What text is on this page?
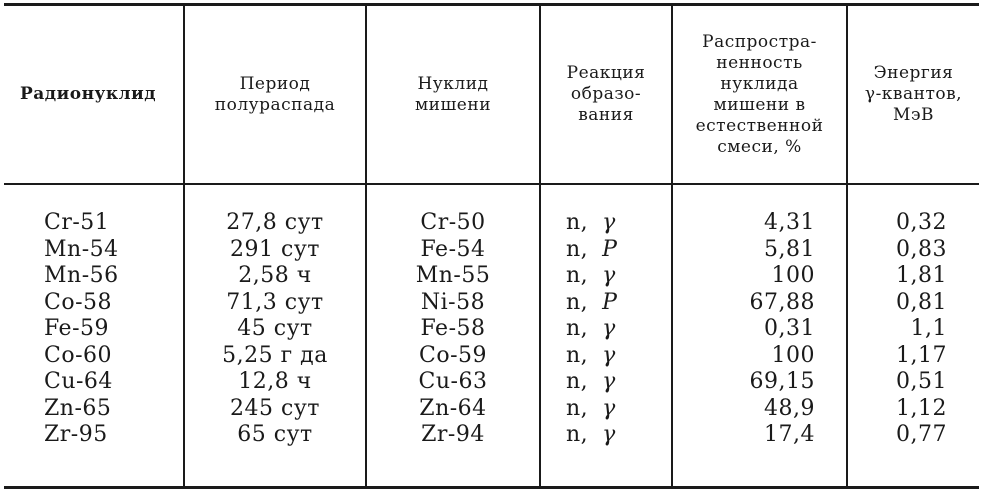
Радионуклид
Период
полураспада
Нуклид
мишени
Реакция
образо-
вания
Распростра-
ненность
нуклида
мишени в
естественной
смеси, %
Энергия
γ-квантов,
МэВ
Cr-51
Mn-54
Mn-56
Co-58
Fe-59
Co-60
Cu-64
Zn-65
Zr-95
27,8 сут
291 сут
2,58 ч
71,3 сут
45 сут
5,25 г да
12,8 ч
245 сут
65 сут
Cr-50
Fe-54
Mn-55
Ni-58
Fe-58
Co-59
Cu-63
Zn-64
Zr-94
n, γ
n, P
n, γ
n, P
n, γ
n, γ
n, γ
n, γ
n, γ
4,31
5,81
100
67,88
0,31
100
69,15
48,9
17,4
0,32
0,83
1,81
0,81
1,1
1,17
0,51
1,12
0,77
